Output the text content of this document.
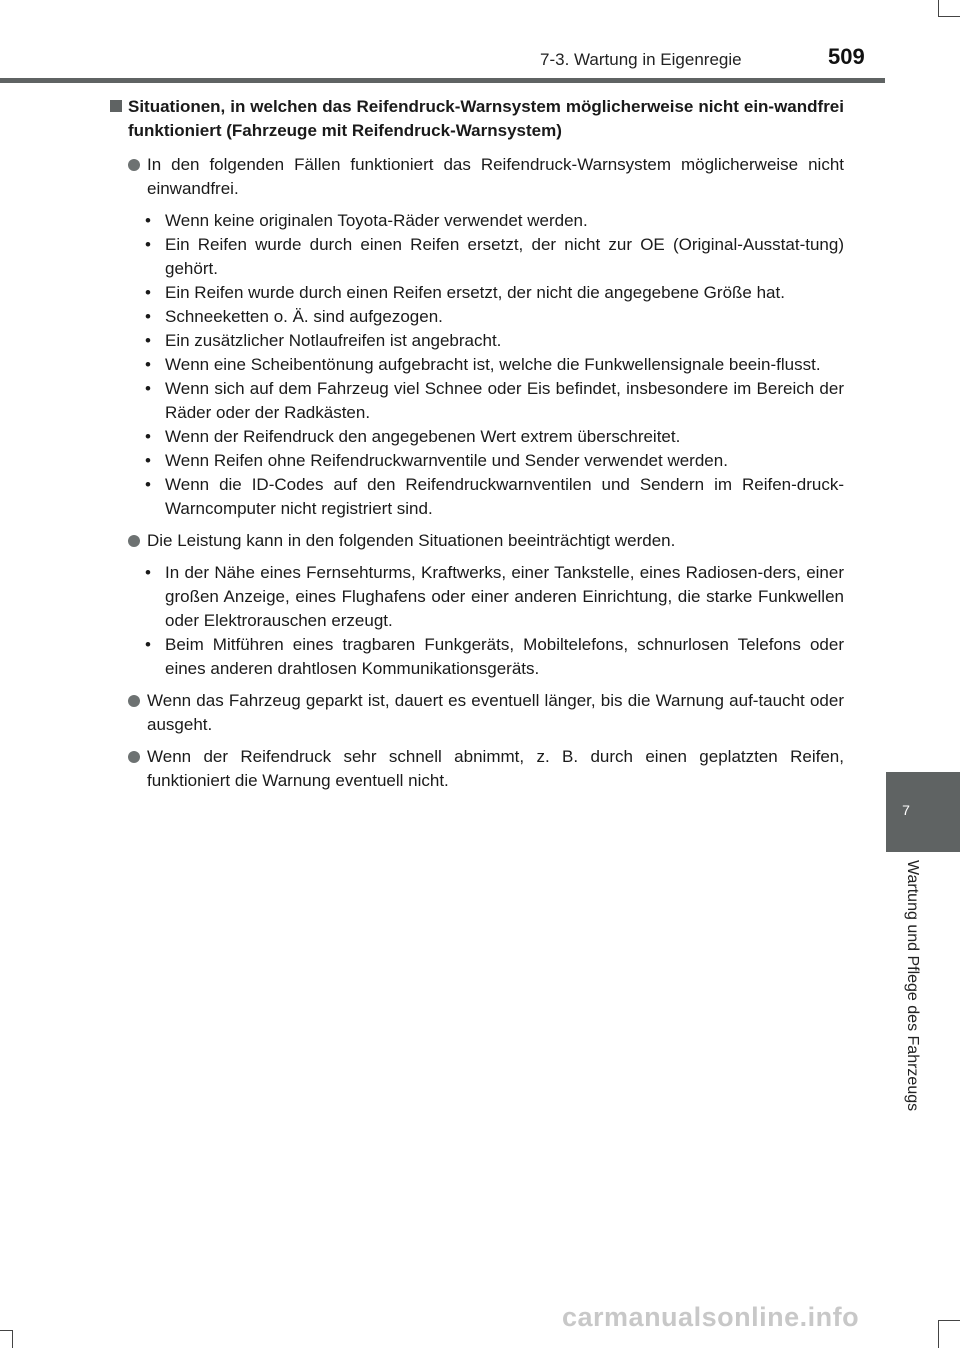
7-3. Wartung in Eigenregie	509
7
Wartung und Pflege des Fahrzeugs
Situationen, in welchen das Reifendruck-Warnsystem möglicherweise nicht ein-wandfrei funktioniert (Fahrzeuge mit Reifendruck-Warnsystem)
In den folgenden Fällen funktioniert das Reifendruck-Warnsystem möglicherweise nicht einwandfrei.
• Wenn keine originalen Toyota-Räder verwendet werden.
• Ein Reifen wurde durch einen Reifen ersetzt, der nicht zur OE (Original-Ausstat-tung) gehört.
• Ein Reifen wurde durch einen Reifen ersetzt, der nicht die angegebene Größe hat.
• Schneeketten o. Ä. sind aufgezogen.
• Ein zusätzlicher Notlaufreifen ist angebracht.
• Wenn eine Scheibentönung aufgebracht ist, welche die Funkwellensignale beein-flusst.
• Wenn sich auf dem Fahrzeug viel Schnee oder Eis befindet, insbesondere im Bereich der Räder oder der Radkästen.
• Wenn der Reifendruck den angegebenen Wert extrem überschreitet.
• Wenn Reifen ohne Reifendruckwarnventile und Sender verwendet werden.
• Wenn die ID-Codes auf den Reifendruckwarnventilen und Sendern im Reifen-druck-Warncomputer nicht registriert sind.
Die Leistung kann in den folgenden Situationen beeinträchtigt werden.
• In der Nähe eines Fernsehturms, Kraftwerks, einer Tankstelle, eines Radiosen-ders, einer großen Anzeige, eines Flughafens oder einer anderen Einrichtung, die starke Funkwellen oder Elektrorauschen erzeugt.
• Beim Mitführen eines tragbaren Funkgeräts, Mobiltelefons, schnurlosen Telefons oder eines anderen drahtlosen Kommunikationsgeräts.
Wenn das Fahrzeug geparkt ist, dauert es eventuell länger, bis die Warnung auf-taucht oder ausgeht.
Wenn der Reifendruck sehr schnell abnimmt, z. B. durch einen geplatzten Reifen, funktioniert die Warnung eventuell nicht.
carmanualsonline.info
